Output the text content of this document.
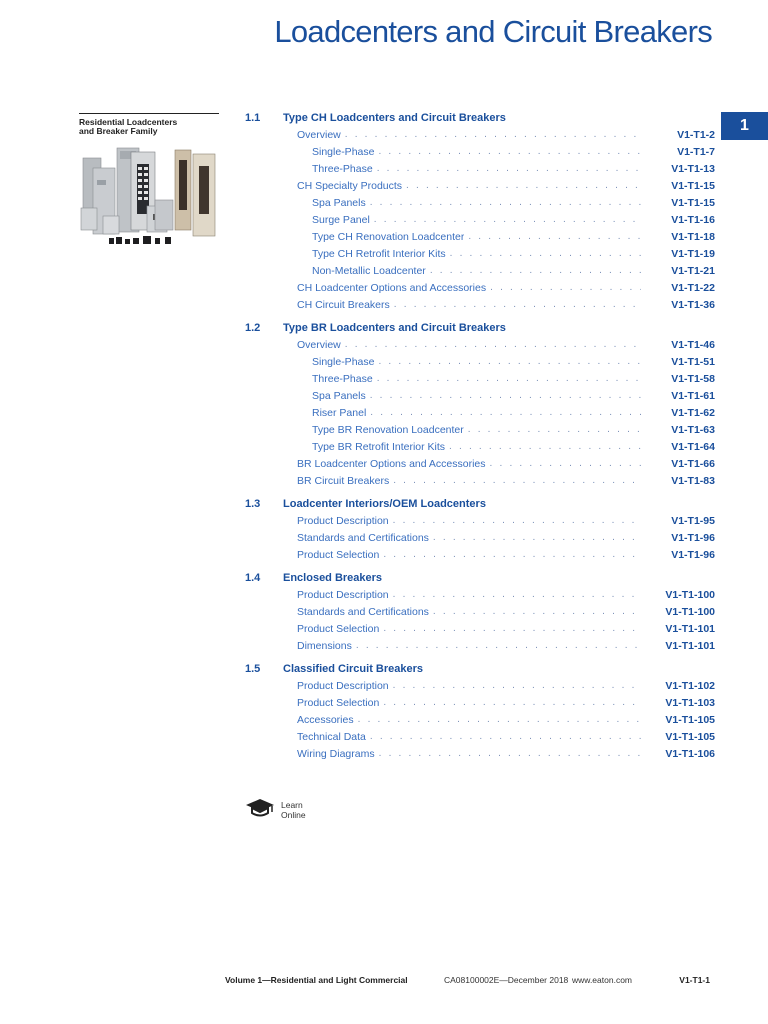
Loadcenters and Circuit Breakers
1
Residential Loadcenters
and Breaker Family
1.1	Type CH Loadcenters and Circuit Breakers
Overview . . .	V1-T1-2
Single-Phase . . .	V1-T1-7
Three-Phase . . .	V1-T1-13
CH Specialty Products . . .	V1-T1-15
Spa Panels . . .	V1-T1-15
Surge Panel . . .	V1-T1-16
Type CH Renovation Loadcenter . . .	V1-T1-18
Type CH Retrofit Interior Kits . . .	V1-T1-19
Non-Metallic Loadcenter . . .	V1-T1-21
CH Loadcenter Options and Accessories . . .	V1-T1-22
CH Circuit Breakers . . .	V1-T1-36
1.2	Type BR Loadcenters and Circuit Breakers
Overview . . .	V1-T1-46
Single-Phase . . .	V1-T1-51
Three-Phase . . .	V1-T1-58
Spa Panels . . .	V1-T1-61
Riser Panel . . .	V1-T1-62
Type BR Renovation Loadcenter . . .	V1-T1-63
Type BR Retrofit Interior Kits . . .	V1-T1-64
BR Loadcenter Options and Accessories . . .	V1-T1-66
BR Circuit Breakers . . .	V1-T1-83
1.3	Loadcenter Interiors/OEM Loadcenters
Product Description . . .	V1-T1-95
Standards and Certifications . . .	V1-T1-96
Product Selection . . .	V1-T1-96
1.4	Enclosed Breakers
Product Description . . .	V1-T1-100
Standards and Certifications . . .	V1-T1-100
Product Selection . . .	V1-T1-101
Dimensions . . .	V1-T1-101
1.5	Classified Circuit Breakers
Product Description . . .	V1-T1-102
Product Selection . . .	V1-T1-103
Accessories . . .	V1-T1-105
Technical Data . . .	V1-T1-105
Wiring Diagrams . . .	V1-T1-106
Learn
Online
Volume 1—Residential and Light Commercial	CA08100002E—December 2018 www.eaton.com	V1-T1-1
